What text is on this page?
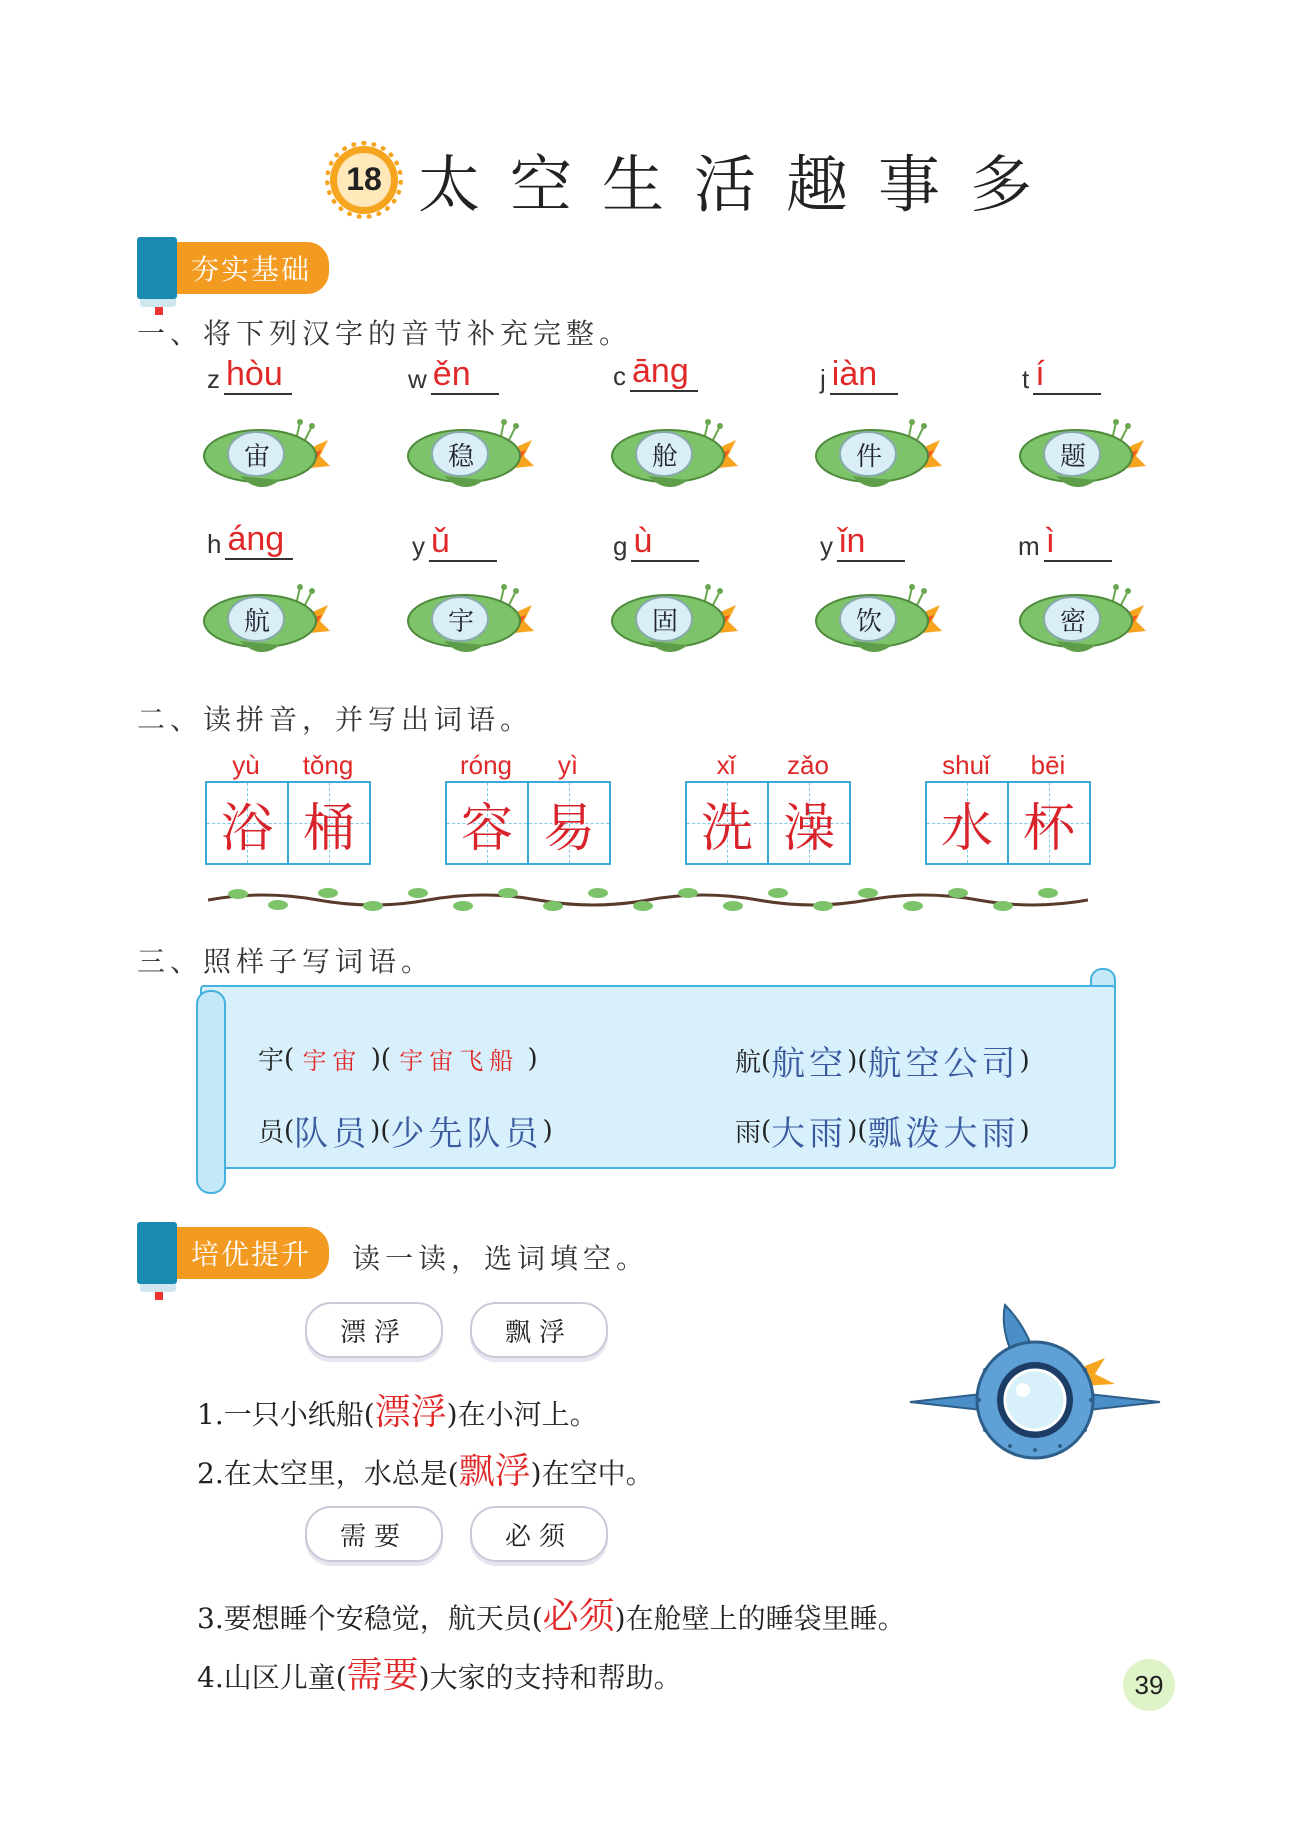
18 太空生活趣事多
夯实基础
一、将下列汉字的音节补充完整。
z hòu	w ěn	c āng	j iàn	t í
宙	稳	舱	件	题
h áng	y ǔ	g ù	y ǐn	m ì
航	宇	固	饮	密
二、读拼音，并写出词语。
yù	tǒng
浴 桶
róng	yì
容 易
xǐ	zǎo
洗 澡
shuǐ	bēi
水 杯
三、照样子写词语。
宇 ( 宇宙 )( 宇宙飞船 )	航 ( 航空 )( 航空公司 )
员 ( 队员 )( 少先队员 )	雨 ( 大雨 )( 瓢泼大雨 )
培优提升	读一读，选词填空。
漂浮	飘浮
1.一只小纸船(漂浮)在小河上。
2.在太空里，水总是(飘浮)在空中。
需要	必须
3.要想睡个安稳觉，航天员(必须)在舱壁上的睡袋里睡。
4.山区儿童(需要)大家的支持和帮助。	39
